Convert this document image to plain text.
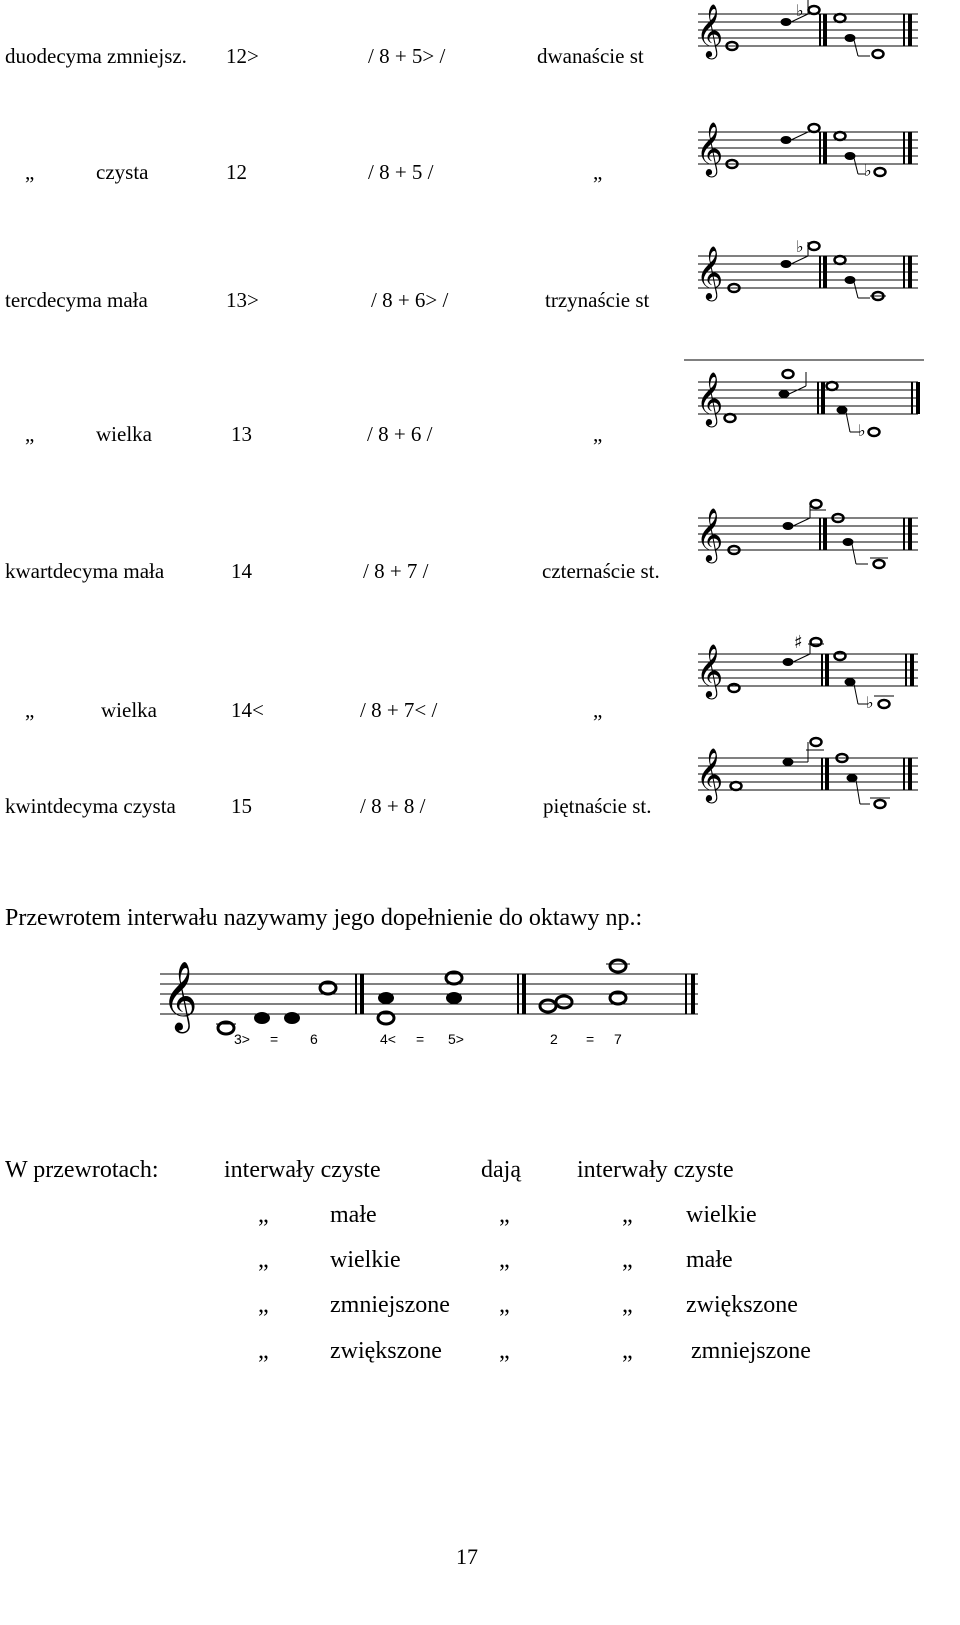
duodecyma zmniejsz. 12>	/ 8 + 5> /	dwanaście st
„	czysta	12	/ 8 + 5 /	„
tercdecyma mała	13>	/ 8 + 6> /	trzynaście st
„	wielka	13	/ 8 + 6 /	„
kwartdecyma mała	14	/ 8 + 7 /	czternaście st.
„	wielka	14<	/ 8 + 7< /	„
kwintdecyma czysta	15	/ 8 + 8 /	piętnaście st.
𝄞	♭
𝄞	♭
𝄞	♭
𝄞
♭
𝄞
𝄞
♯
♭
𝄞
Przewrotem interwału nazywamy jego dopełnienie do oktawy np.:
𝄞
3> = 6	4< = 5>	2 = 7
W przewrotach:	interwały czyste	dają interwały czyste
„	małe	„	„ wielkie
„	wielkie	„	„ małe
„	zmniejszone „	„ zwiększone
„	zwiększone „	„ zmniejszone
17
